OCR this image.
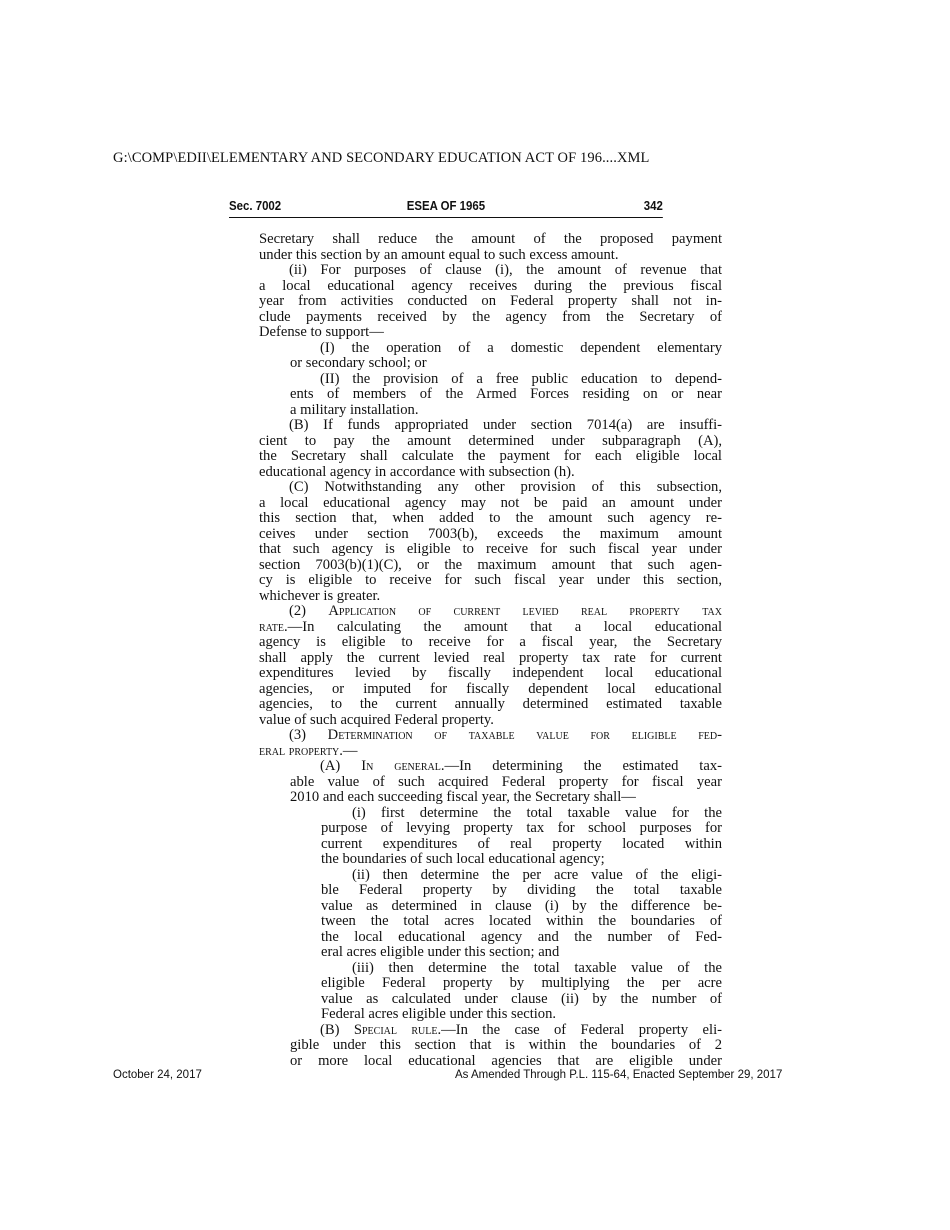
G:\COMP\EDII\ELEMENTARY AND SECONDARY EDUCATION ACT OF 196....XML
Sec. 7002	ESEA OF 1965	342

Secretary shall reduce the amount of the proposed payment

under this section by an amount equal to such excess amount.

(ii) For purposes of clause (i), the amount of revenue that

a local educational agency receives during the previous fiscal

year from activities conducted on Federal property shall not in-

clude payments received by the agency from the Secretary of

Defense to support—

(I) the operation of a domestic dependent elementary

or secondary school; or

(II) the provision of a free public education to depend-

ents of members of the Armed Forces residing on or near

a military installation.

(B) If funds appropriated under section 7014(a) are insuffi-

cient to pay the amount determined under subparagraph (A),

the Secretary shall calculate the payment for each eligible local

educational agency in accordance with subsection (h).

(C) Notwithstanding any other provision of this subsection,

a local educational agency may not be paid an amount under

this section that, when added to the amount such agency re-

ceives under section 7003(b), exceeds the maximum amount

that such agency is eligible to receive for such fiscal year under

section 7003(b)(1)(C), or the maximum amount that such agen-

cy is eligible to receive for such fiscal year under this section,

whichever is greater.

(2) Application of current levied real property tax

rate.—In calculating the amount that a local educational

agency is eligible to receive for a fiscal year, the Secretary

shall apply the current levied real property tax rate for current

expenditures levied by fiscally independent local educational

agencies, or imputed for fiscally dependent local educational

agencies, to the current annually determined estimated taxable

value of such acquired Federal property.

(3) Determination of taxable value for eligible fed-

eral property.—

(A) In general.—In determining the estimated tax-

able value of such acquired Federal property for fiscal year

2010 and each succeeding fiscal year, the Secretary shall—

(i) first determine the total taxable value for the

purpose of levying property tax for school purposes for

current expenditures of real property located within

the boundaries of such local educational agency;

(ii) then determine the per acre value of the eligi-

ble Federal property by dividing the total taxable

value as determined in clause (i) by the difference be-

tween the total acres located within the boundaries of

the local educational agency and the number of Fed-

eral acres eligible under this section; and

(iii) then determine the total taxable value of the

eligible Federal property by multiplying the per acre

value as calculated under clause (ii) by the number of

Federal acres eligible under this section.

(B) Special rule.—In the case of Federal property eli-

gible under this section that is within the boundaries of 2

or more local educational agencies that are eligible under

October 24, 2017	As Amended Through P.L. 115-64, Enacted September 29, 2017
